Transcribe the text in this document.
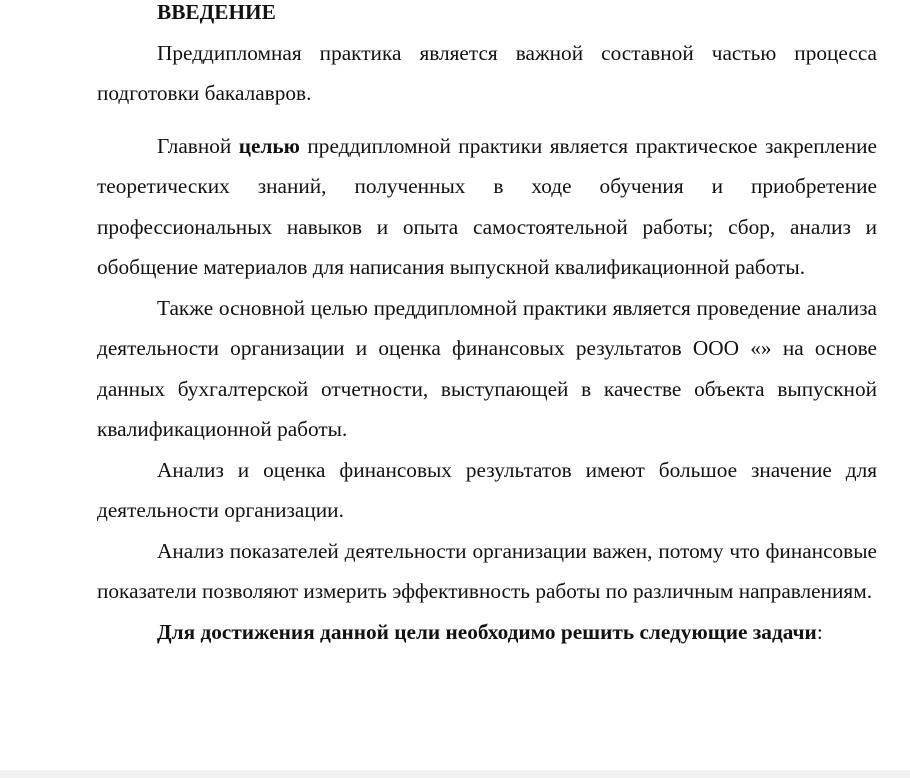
ВВЕДЕНИЕ

Преддипломная практика является важной составной частью процесса подготовки бакалавров.

Главной целью преддипломной практики является практическое закрепление теоретических знаний, полученных в ходе обучения и приобретение профессиональных навыков и опыта самостоятельной работы; сбор, анализ и обобщение материалов для написания выпускной квалификационной работы.

Также основной целью преддипломной практики является проведение анализа деятельности организации и оценка финансовых результатов ООО «» на основе данных бухгалтерской отчетности, выступающей в качестве объекта выпускной квалификационной работы.

Анализ и оценка финансовых результатов имеют большое значение для деятельности организации.

Анализ показателей деятельности организации важен, потому что финансовые показатели позволяют измерить эффективность работы по различным направлениям.

Для достижения данной цели необходимо решить следующие задачи:
